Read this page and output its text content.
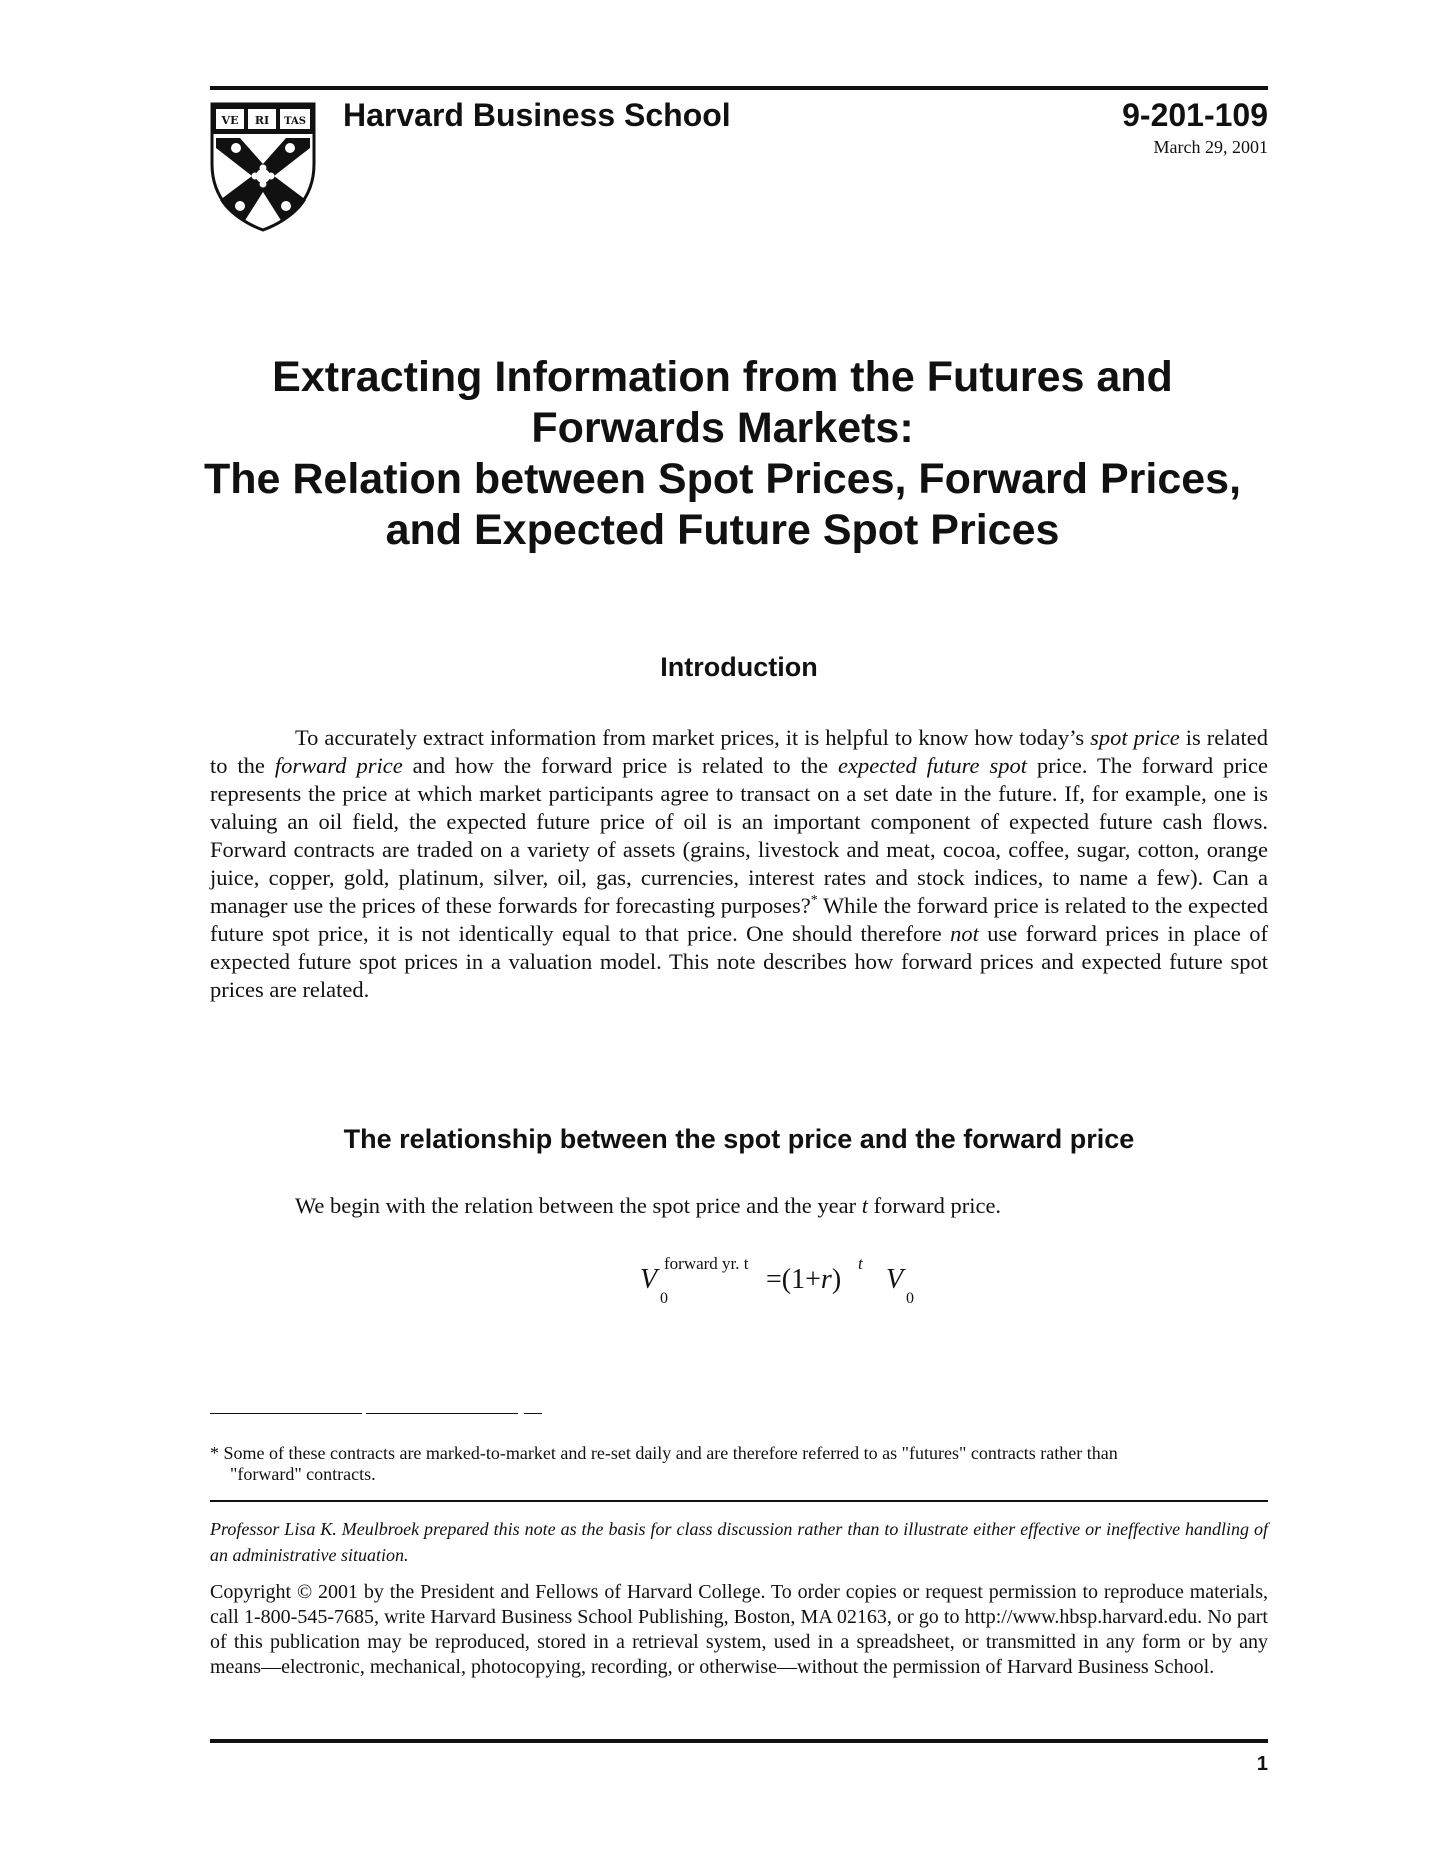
VE RI TAS Harvard Business School	9-201-109
March 29, 2001
Extracting Information from the Futures and
Forwards Markets:
The Relation between Spot Prices, Forward Prices,
and Expected Future Spot Prices
Introduction

To accurately extract information from market prices, it is helpful to know how today’s spot price is related to the forward price and how the forward price is related to the expected future spot price. The forward price represents the price at which market participants agree to transact on a set date in the future. If, for example, one is valuing an oil field, the expected future price of oil is an important component of expected future cash flows. Forward contracts are traded on a variety of assets (grains, livestock and meat, cocoa, coffee, sugar, cotton, orange juice, copper, gold, platinum, silver, oil, gas, currencies, interest rates and stock indices, to name a few). Can a manager use the prices of these forwards for forecasting purposes?* While the forward price is related to the expected future spot price, it is not identically equal to that price. One should therefore not use forward prices in place of expected future spot prices in a valuation model. This note describes how forward prices and expected future spot prices are related.

The relationship between the spot price and the forward price
We begin with the relation between the spot price and the year t forward price.
V
forward yr. t
0
=(1+r)
t
V
0
* Some of these contracts are marked-to-market and re-set daily and are therefore referred to as "futures" contracts rather than
"forward" contracts.
Professor Lisa K. Meulbroek prepared this note as the basis for class discussion rather than to illustrate either effective or ineffective handling of an administrative situation.
Copyright © 2001 by the President and Fellows of Harvard College. To order copies or request permission to reproduce materials, call 1-800-545-7685, write Harvard Business School Publishing, Boston, MA 02163, or go to http://www.hbsp.harvard.edu. No part of this publication may be reproduced, stored in a retrieval system, used in a spreadsheet, or transmitted in any form or by any means—electronic, mechanical, photocopying, recording, or otherwise—without the permission of Harvard Business School.
1
